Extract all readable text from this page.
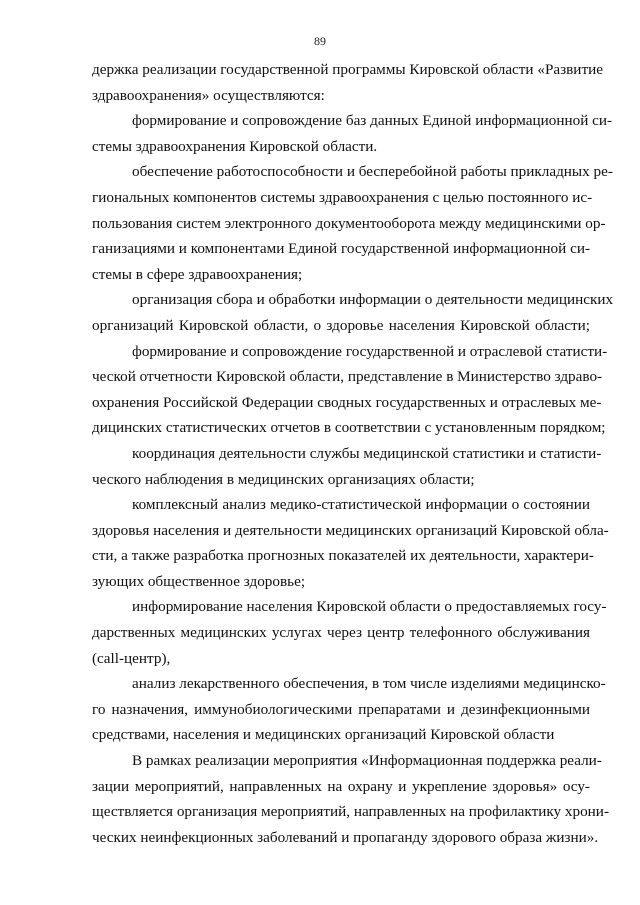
89
держка реализации государственной программы Кировской области «Развитие
здравоохранения» осуществляются:
формирование и сопровождение баз данных Единой информационной си-
стемы здравоохранения Кировской области.
обеспечение работоспособности и бесперебойной работы прикладных ре-
гиональных компонентов системы здравоохранения с целью постоянного ис-
пользования систем электронного документооборота между медицинскими ор-
ганизациями и компонентами Единой государственной информационной си-
стемы в сфере здравоохранения;
организация сбора и обработки информации о деятельности медицинских
организаций Кировской области, о здоровье населения Кировской области;
формирование и сопровождение государственной и отраслевой статисти-
ческой отчетности Кировской области, представление в Министерство здраво-
охранения Российской Федерации сводных государственных и отраслевых ме-
дицинских статистических отчетов в соответствии с установленным порядком;
координация деятельности службы медицинской статистики и статисти-
ческого наблюдения в медицинских организациях области;
комплексный анализ медико-статистической информации о состоянии
здоровья населения и деятельности медицинских организаций Кировской обла-
сти, а также разработка прогнозных показателей их деятельности, характери-
зующих общественное здоровье;
информирование населения Кировской области о предоставляемых госу-
дарственных медицинских услугах через центр телефонного обслуживания
(call-центр),
анализ лекарственного обеспечения, в том числе изделиями медицинско-
го назначения, иммунобиологическими препаратами и дезинфекционными
средствами, населения и медицинских организаций Кировской области
В рамках реализации мероприятия «Информационная поддержка реали-
зации мероприятий, направленных на охрану и укрепление здоровья» осу-
ществляется организация мероприятий, направленных на профилактику хрони-
ческих неинфекционных заболеваний и пропаганду здорового образа жизни».
